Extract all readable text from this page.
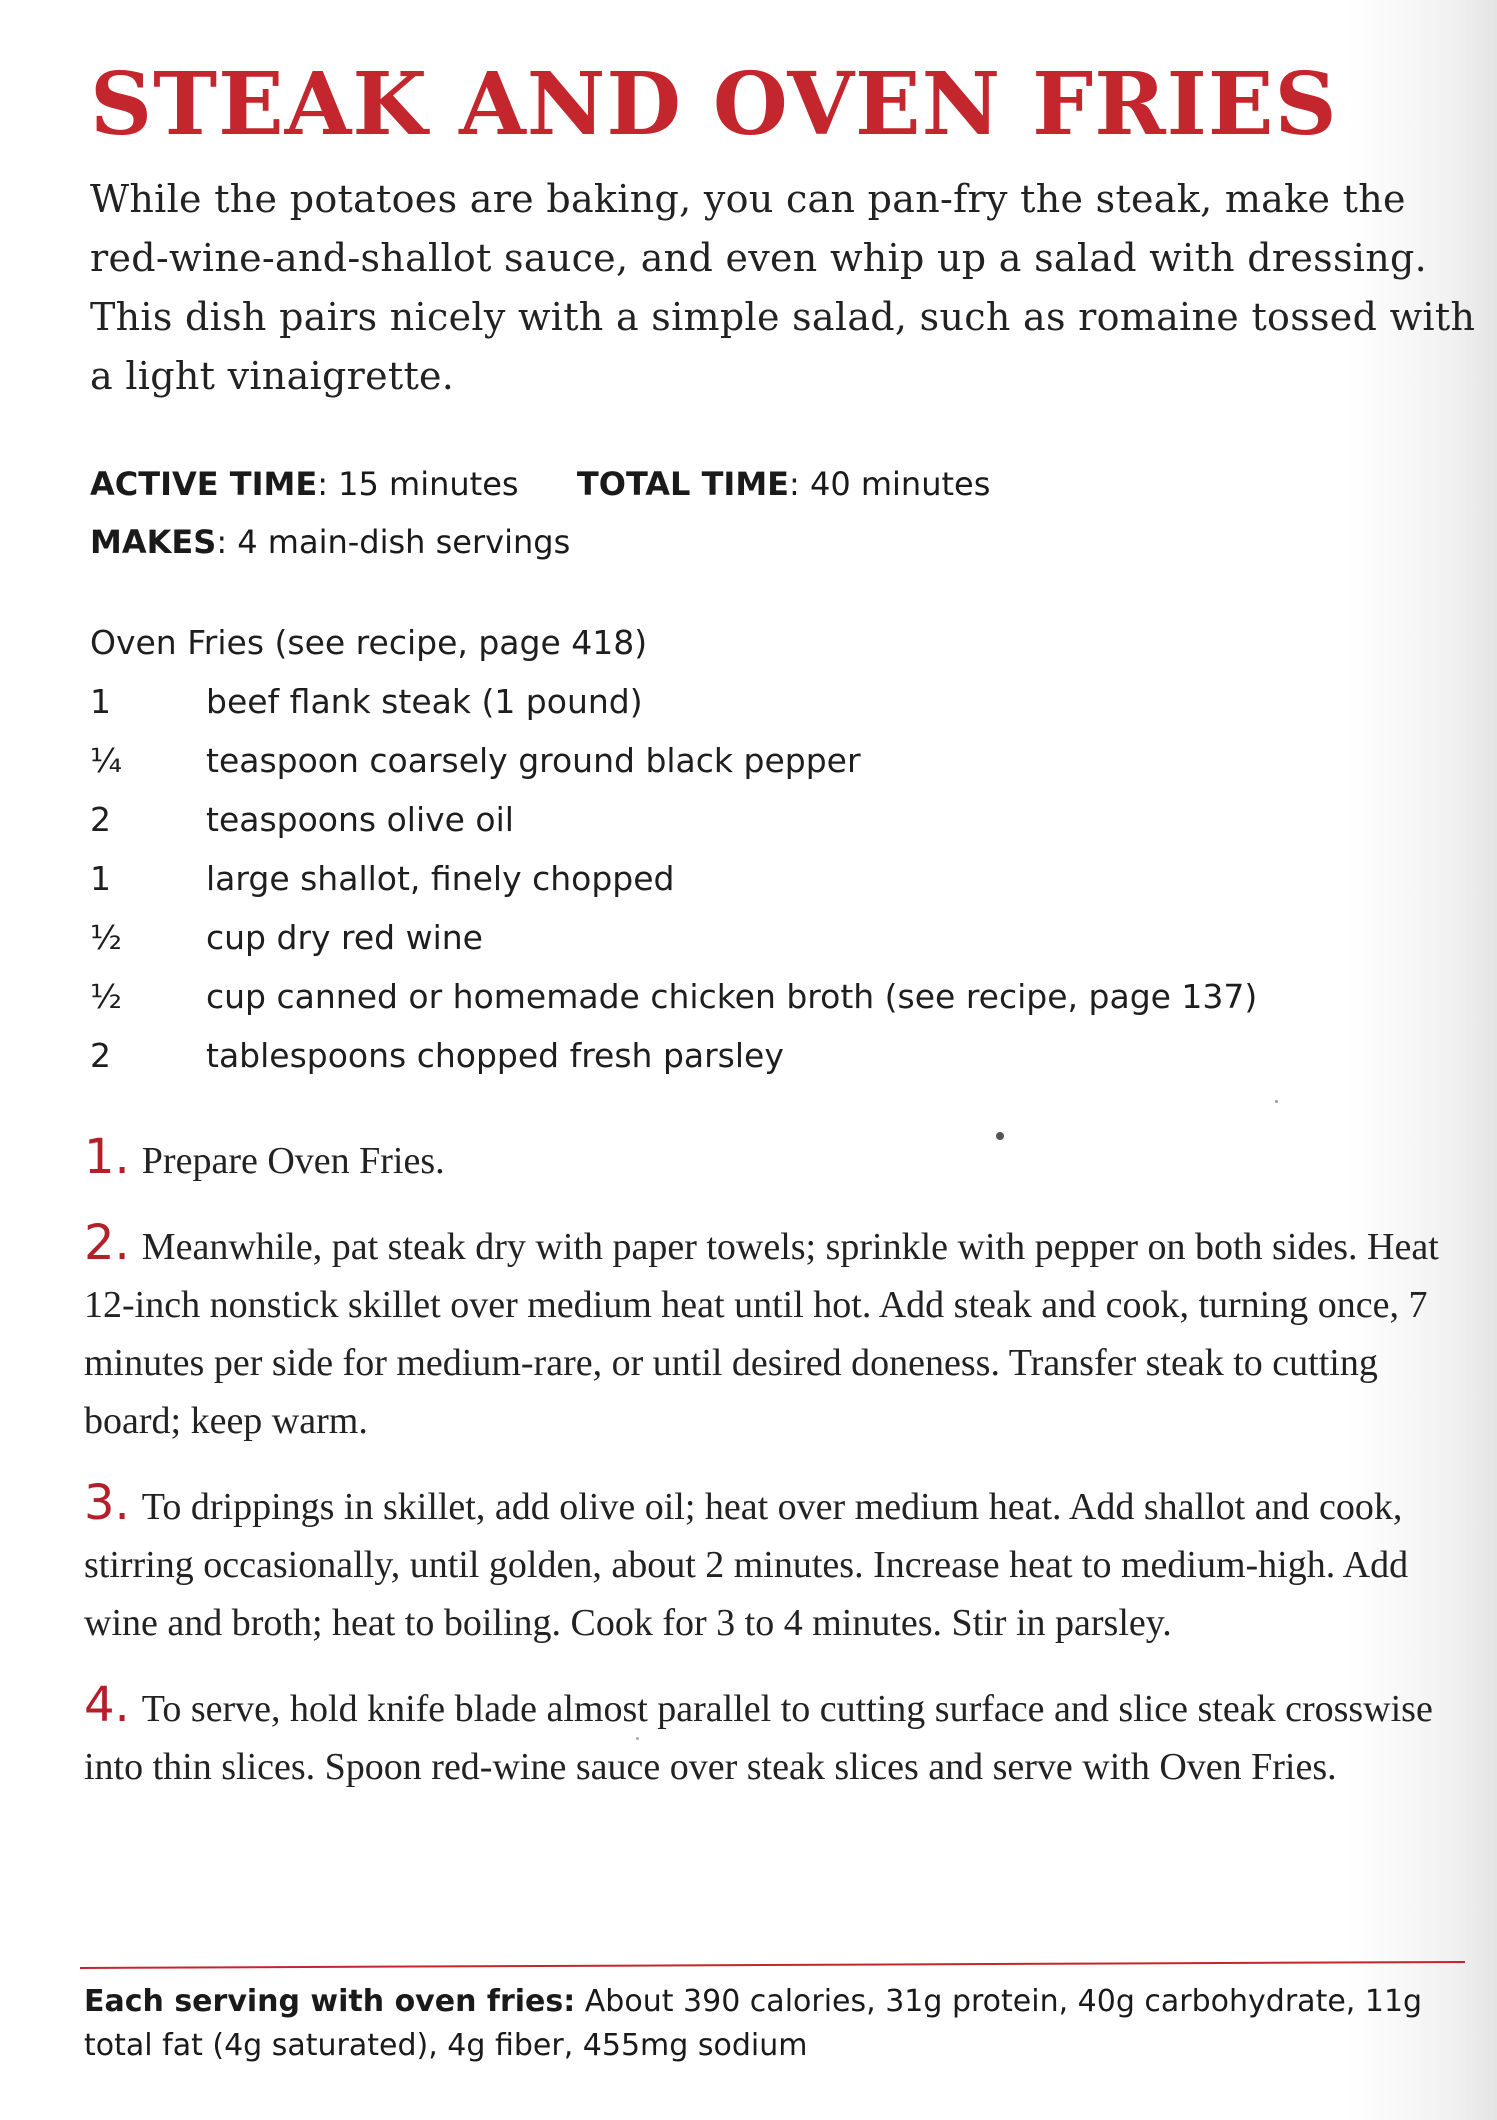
STEAK AND OVEN FRIES

While the potatoes are baking, you can pan-fry the steak, make the red-wine-and-shallot sauce, and even whip up a salad with dressing. This dish pairs nicely with a simple salad, such as romaine tossed with a light vinaigrette.

ACTIVE TIME: 15 minutes TOTAL TIME: 40 minutes
MAKES: 4 main-dish servings
Oven Fries (see recipe, page 418)
1	beef flank steak (1 pound)
¼	teaspoon coarsely ground black pepper
2	teaspoons olive oil
1	large shallot, finely chopped
½	cup dry red wine
½	cup canned or homemade chicken broth (see recipe, page 137)
2	tablespoons chopped fresh parsley

1. Prepare Oven Fries.

2. Meanwhile, pat steak dry with paper towels; sprinkle with pepper on both sides. Heat 12-inch nonstick skillet over medium heat until hot. Add steak and cook, turning once, 7 minutes per side for medium-rare, or until desired doneness. Transfer steak to cutting board; keep warm.

3. To drippings in skillet, add olive oil; heat over medium heat. Add shallot and cook, stirring occasionally, until golden, about 2 minutes. Increase heat to medium-high. Add wine and broth; heat to boiling. Cook for 3 to 4 minutes. Stir in parsley.

4. To serve, hold knife blade almost parallel to cutting surface and slice steak crosswise into thin slices. Spoon red-wine sauce over steak slices and serve with Oven Fries.

Each serving with oven fries: About 390 calories, 31g protein, 40g carbohydrate, 11g total fat (4g saturated), 4g fiber, 455mg sodium
